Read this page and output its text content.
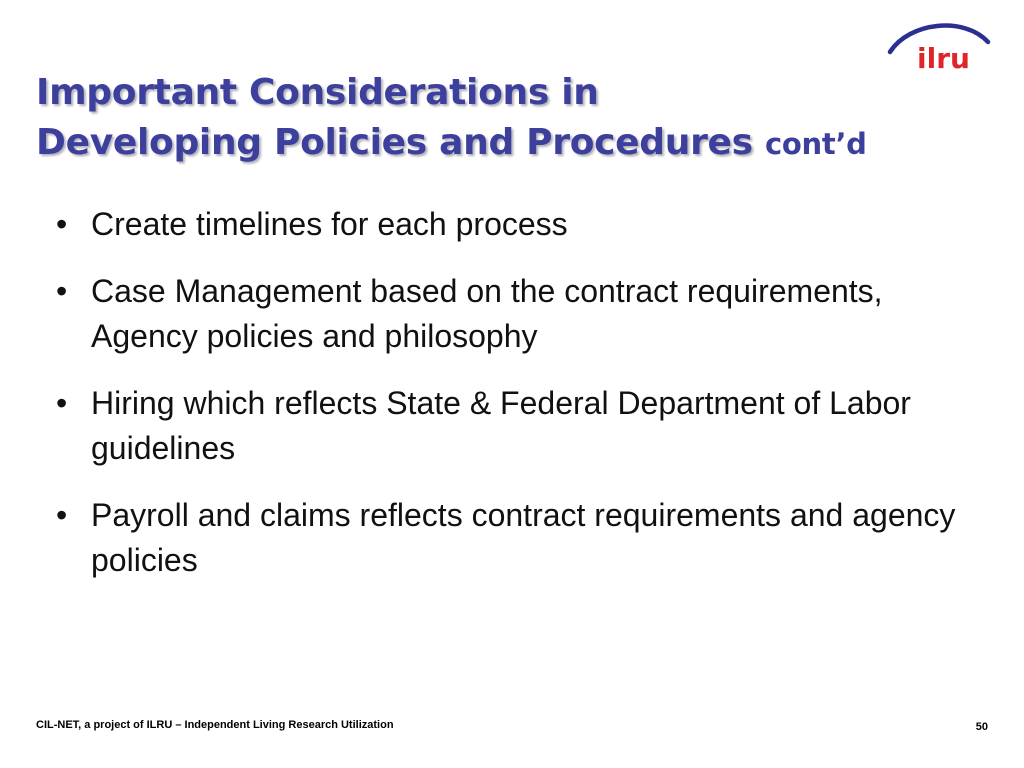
ilru
Important Considerations in
Developing Policies and Procedures cont’d
• Create timelines for each process
• Case Management based on the contract requirements, Agency policies and philosophy
• Hiring which reflects State & Federal Department of Labor guidelines
• Payroll and claims reflects contract requirements and agency policies
CIL-NET, a project of ILRU – Independent Living Research Utilization	50
